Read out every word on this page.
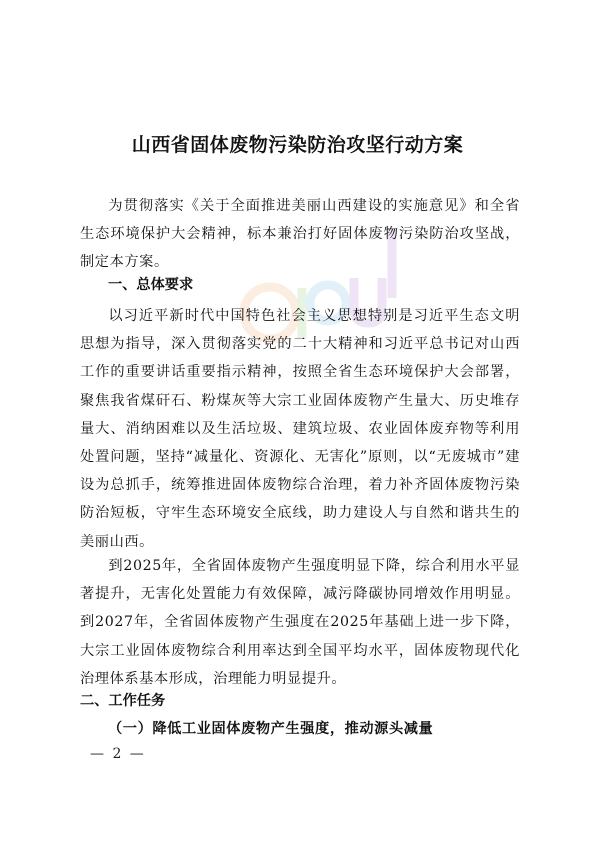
山西省固体废物污染防治攻坚行动方案
为贯彻落实《关于全面推进美丽山西建设的实施意见》和全省生态环境保护大会精神，标本兼治打好固体废物污染防治攻坚战，制定本方案。
一、总体要求
以习近平新时代中国特色社会主义思想特别是习近平生态文明思想为指导，深入贯彻落实党的二十大精神和习近平总书记对山西工作的重要讲话重要指示精神，按照全省生态环境保护大会部署，聚焦我省煤矸石、粉煤灰等大宗工业固体废物产生量大、历史堆存量大、消纳困难以及生活垃圾、建筑垃圾、农业固体废弃物等利用处置问题，坚持“减量化、资源化、无害化”原则，以“无废城市”建设为总抓手，统筹推进固体废物综合治理，着力补齐固体废物污染防治短板，守牢生态环境安全底线，助力建设人与自然和谐共生的美丽山西。
到2025年，全省固体废物产生强度明显下降，综合利用水平显著提升，无害化处置能力有效保障，减污降碳协同增效作用明显。到2027年，全省固体废物产生强度在2025年基础上进一步下降，大宗工业固体废物综合利用率达到全国平均水平，固体废物现代化治理体系基本形成，治理能力明显提升。
二、工作任务
（一）降低工业固体废物产生强度，推动源头减量
— 2 —
